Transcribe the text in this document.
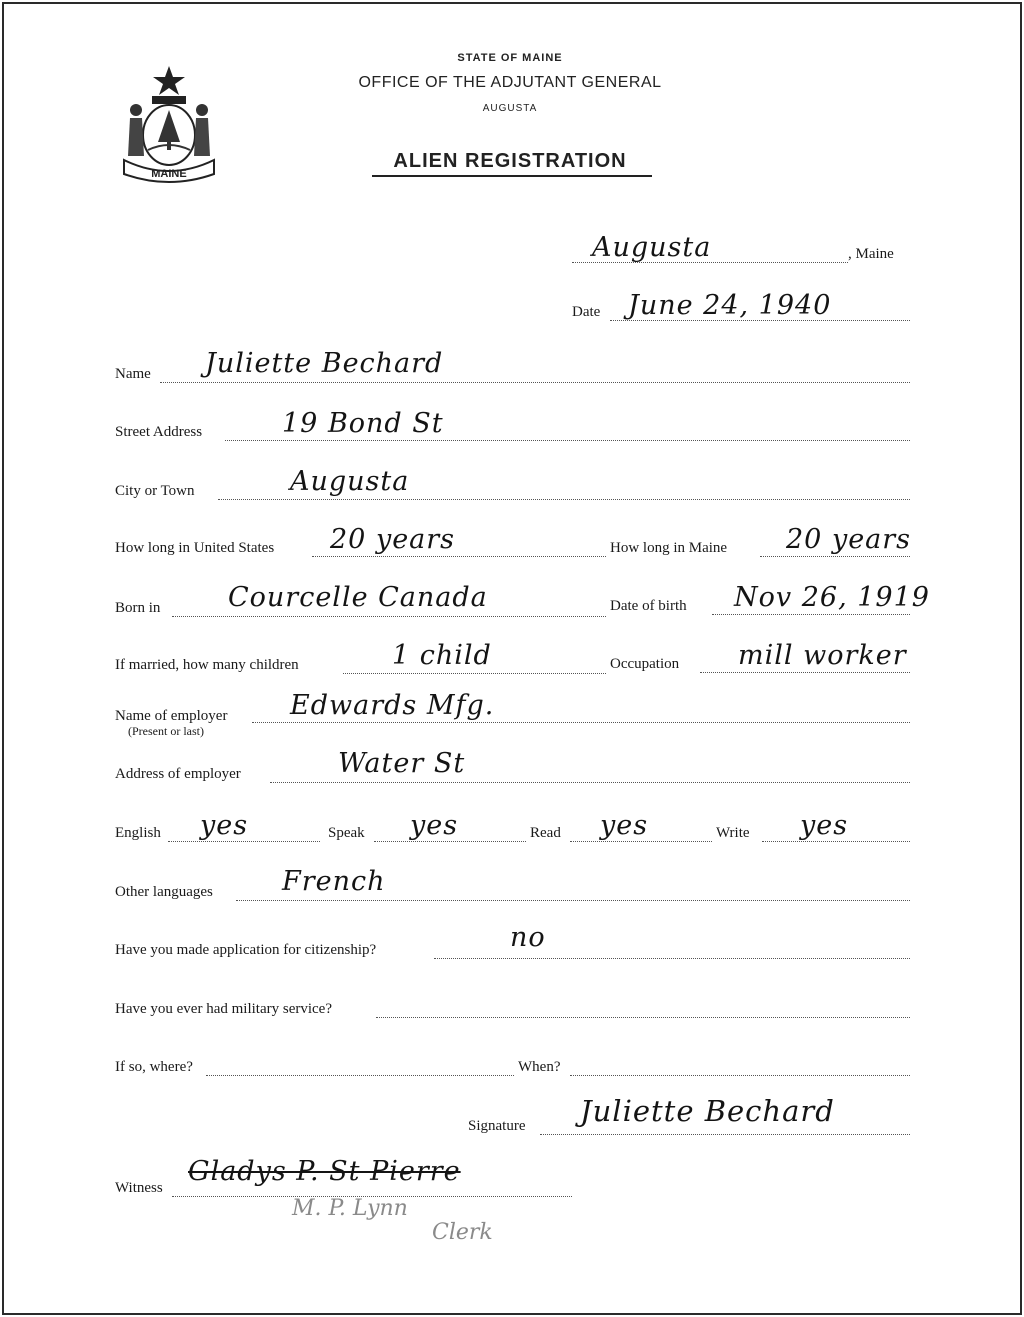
MAINE
STATE OF MAINE
OFFICE OF THE ADJUTANT GENERAL
AUGUSTA
ALIEN REGISTRATION
Augusta	, Maine
Date June 24, 1940
Name Juliette Bechard
Street Address	19 Bond St
City or Town	Augusta
How long in United States 20 years	How long in Maine 20 years
Born in	Courcelle Canada	Date of birth Nov 26, 1919
If married, how many children	1 child	Occupation mill worker
Name of employer
(Present or last)
Edwards Mfg.
Address of employer	Water St
English yes	Speak yes	Read yes	Write yes
Other languages	French
Have you made application for citizenship?	no
Have you ever had military service?
If so, where?	When?
Signature Juliette Bechard
Witness
Gladys P. St Pierre
M. P. Lynn
Clerk
